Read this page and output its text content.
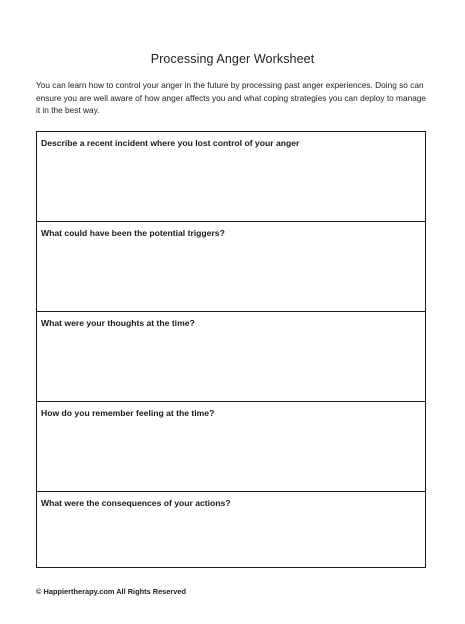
Processing Anger Worksheet
You can learn how to control your anger in the future by processing past anger experiences. Doing so can ensure you are well aware of how anger affects you and what coping strategies you can deploy to manage it in the best way.
Describe a recent incident where you lost control of your anger
What could have been the potential triggers?
What were your thoughts at the time?
How do you remember feeling at the time?
What were the consequences of your actions?
© Happiertherapy.com All Rights Reserved
